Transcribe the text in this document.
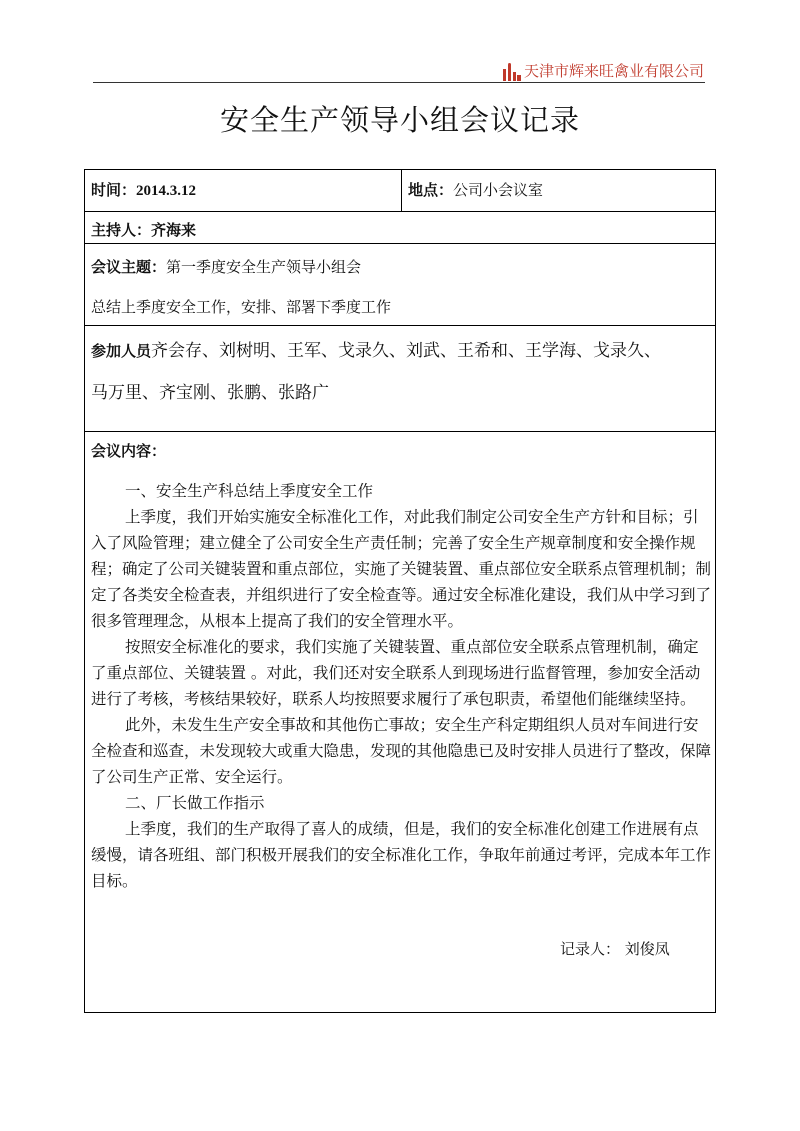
天津市辉来旺禽业有限公司
安全生产领导小组会议记录
时间：2014.3.12	地点：公司小会议室
主持人：齐海来
会议主题：第一季度安全生产领导小组会
总结上季度安全工作，安排、部署下季度工作
参加人员齐会存、刘树明、王军、戈录久、刘武、王希和、王学海、戈录久、
马万里、齐宝刚、张鹏、张路广
会议内容：

一、安全生产科总结上季度安全工作

上季度，我们开始实施安全标准化工作，对此我们制定公司安全生产方针和目标；引入了风险管理；建立健全了公司安全生产责任制；完善了安全生产规章制度和安全操作规程；确定了公司关键装置和重点部位，实施了关键装置、重点部位安全联系点管理机制；制定了各类安全检查表，并组织进行了安全检查等。通过安全标准化建设，我们从中学习到了很多管理理念，从根本上提高了我们的安全管理水平。

按照安全标准化的要求，我们实施了关键装置、重点部位安全联系点管理机制，确定了重点部位、关键装置 。对此，我们还对安全联系人到现场进行监督管理，参加安全活动进行了考核，考核结果较好，联系人均按照要求履行了承包职责，希望他们能继续坚持。

此外，未发生生产安全事故和其他伤亡事故；安全生产科定期组织人员对车间进行安全检查和巡查，未发现较大或重大隐患，发现的其他隐患已及时安排人员进行了整改，保障了公司生产正常、安全运行。

二、厂长做工作指示

上季度，我们的生产取得了喜人的成绩，但是，我们的安全标准化创建工作进展有点缓慢，请各班组、部门积极开展我们的安全标准化工作，争取年前通过考评，完成本年工作目标。

记录人： 刘俊凤
